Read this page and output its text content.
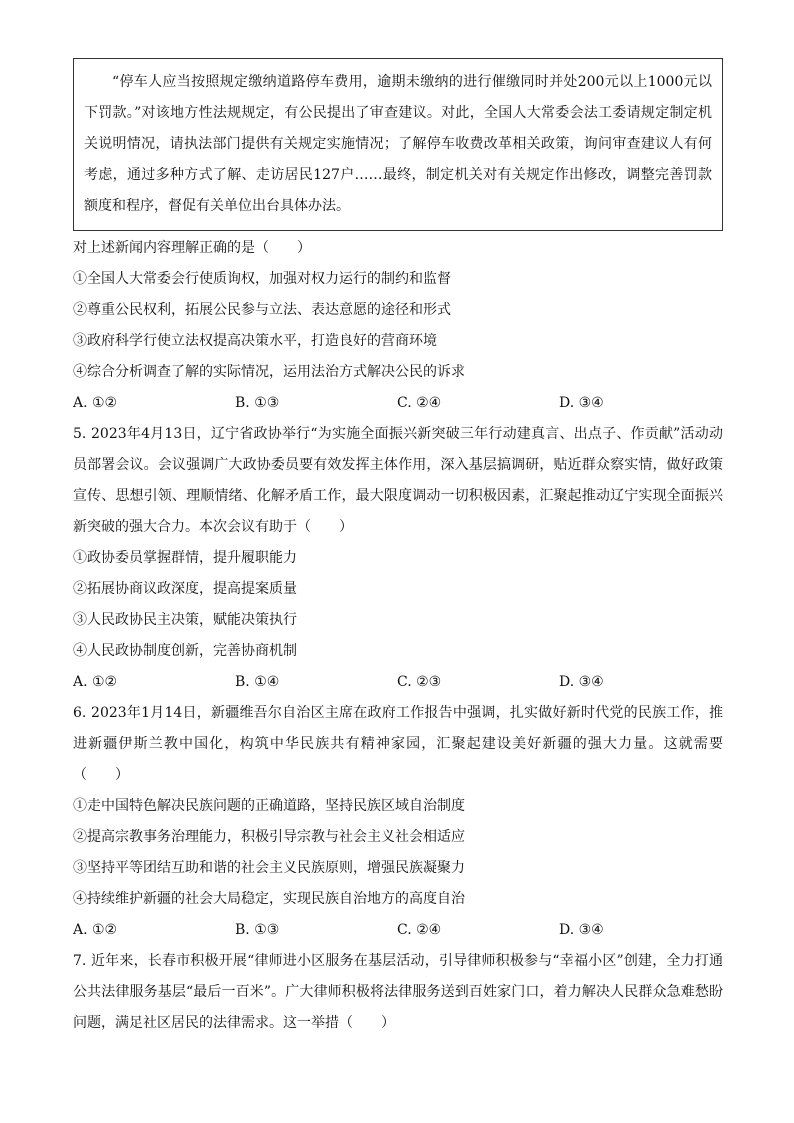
“停车人应当按照规定缴纳道路停车费用，逾期未缴纳的进行催缴同时并处200元以上1000元以下罚款。”对该地方性法规规定，有公民提出了审查建议。对此，全国人大常委会法工委请规定制定机关说明情况，请执法部门提供有关规定实施情况；了解停车收费改革相关政策，询问审查建议人有何考虑，通过多种方式了解、走访居民127户……最终，制定机关对有关规定作出修改，调整完善罚款额度和程序，督促有关单位出台具体办法。

对上述新闻内容理解正确的是（　　）

①全国人大常委会行使质询权，加强对权力运行的制约和监督

②尊重公民权利，拓展公民参与立法、表达意愿的途径和形式

③政府科学行使立法权提高决策水平，打造良好的营商环境

④综合分析调查了解的实际情况，运用法治方式解决公民的诉求

A. ①②	B. ①③	C. ②④	D. ③④

5. 2023年4月13日，辽宁省政协举行“为实施全面振兴新突破三年行动建真言、出点子、作贡献”活动动员部署会议。会议强调广大政协委员要有效发挥主体作用，深入基层搞调研，贴近群众察实情，做好政策宣传、思想引领、理顺情绪、化解矛盾工作，最大限度调动一切积极因素，汇聚起推动辽宁实现全面振兴新突破的强大合力。本次会议有助于（　　）

①政协委员掌握群情，提升履职能力

②拓展协商议政深度，提高提案质量

③人民政协民主决策，赋能决策执行

④人民政协制度创新，完善协商机制

A. ①②	B. ①④	C. ②③	D. ③④

6. 2023年1月14日，新疆维吾尔自治区主席在政府工作报告中强调，扎实做好新时代党的民族工作，推进新疆伊斯兰教中国化，构筑中华民族共有精神家园，汇聚起建设美好新疆的强大力量。这就需要（　　）

①走中国特色解决民族问题的正确道路，坚持民族区域自治制度

②提高宗教事务治理能力，积极引导宗教与社会主义社会相适应

③坚持平等团结互助和谐的社会主义民族原则，增强民族凝聚力

④持续维护新疆的社会大局稳定，实现民族自治地方的高度自治

A. ①②	B. ①③	C. ②④	D. ③④

7. 近年来，长春市积极开展“律师进小区服务在基层活动，引导律师积极参与“幸福小区”创建，全力打通公共法律服务基层“最后一百米”。广大律师积极将法律服务送到百姓家门口，着力解决人民群众急难愁盼问题，满足社区居民的法律需求。这一举措（　　）
